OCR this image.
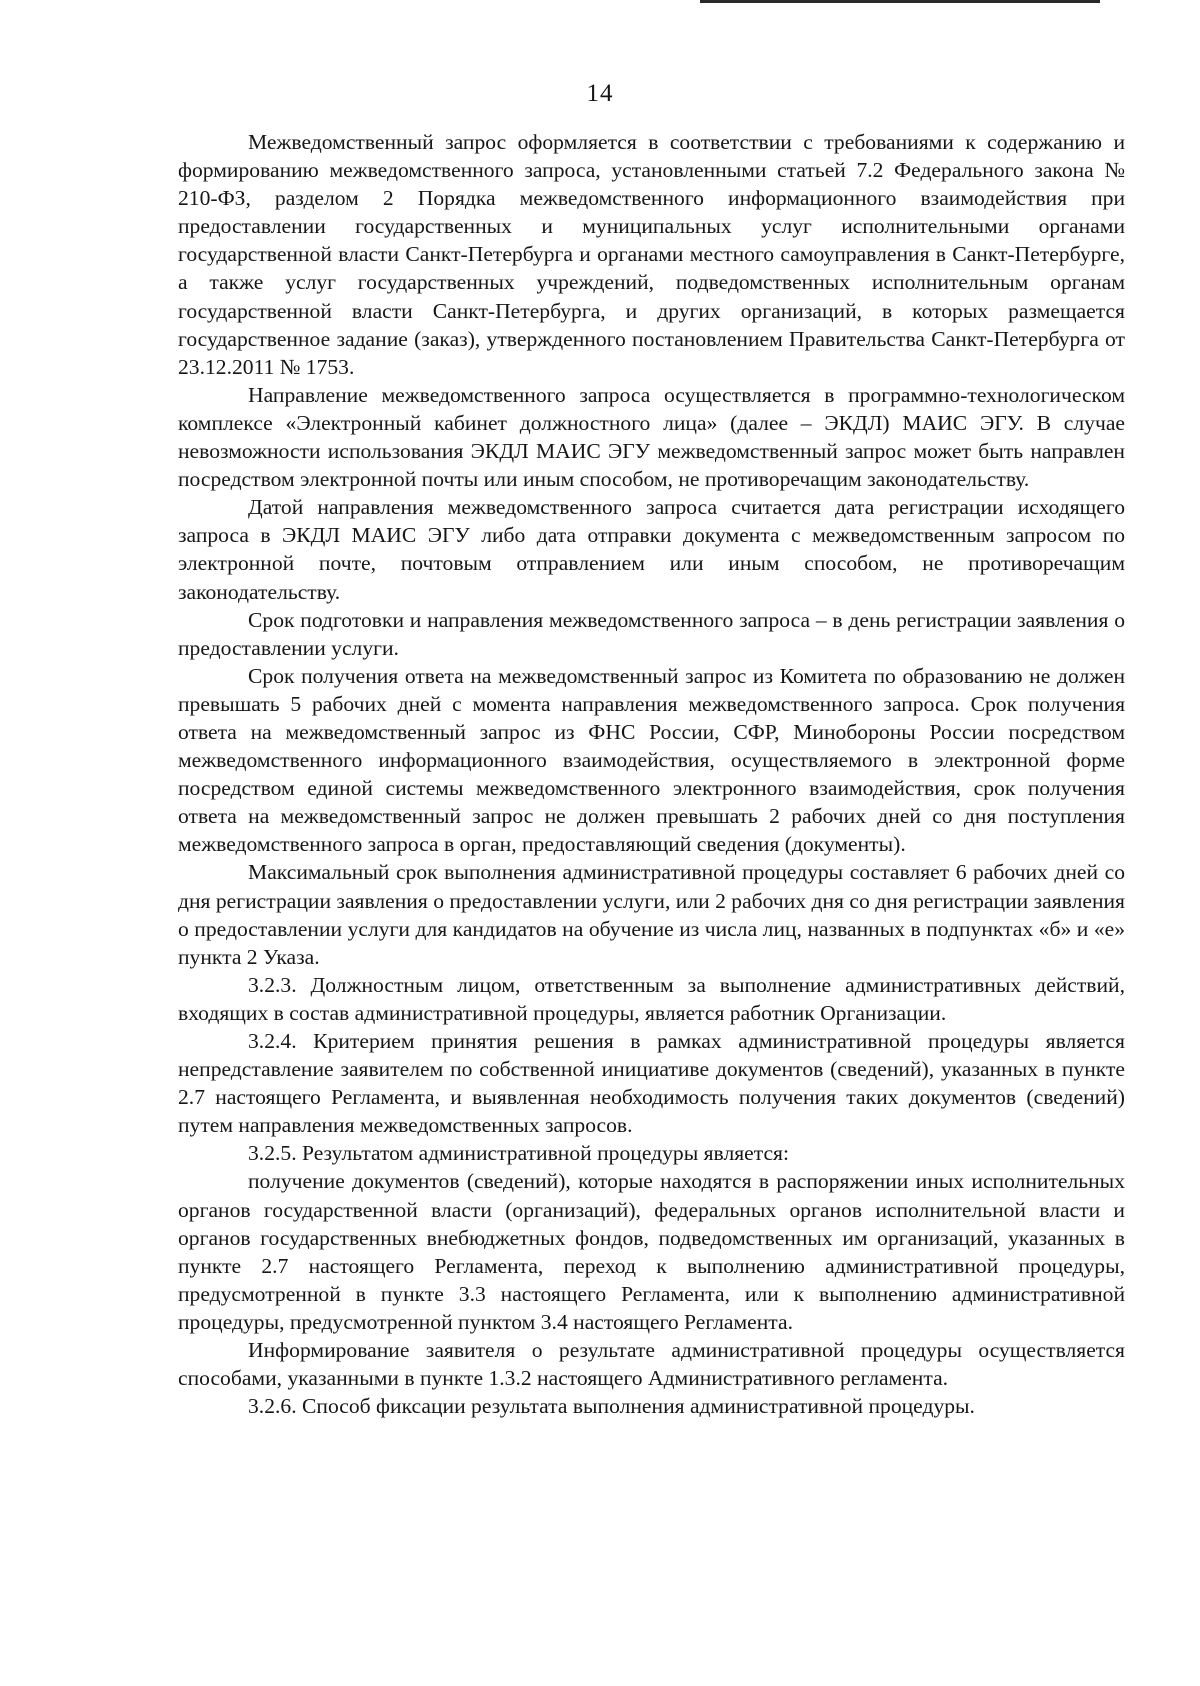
14

Межведомственный запрос оформляется в соответствии с требованиями к содержанию и формированию межведомственного запроса, установленными статьей 7.2 Федерального закона № 210-ФЗ, разделом 2 Порядка межведомственного информационного взаимодействия при предоставлении государственных и муниципальных услуг исполнительными органами государственной власти Санкт-Петербурга и органами местного самоуправления в Санкт-Петербурге, а также услуг государственных учреждений, подведомственных исполнительным органам государственной власти Санкт-Петербурга, и других организаций, в которых размещается государственное задание (заказ), утвержденного постановлением Правительства Санкт-Петербурга от 23.12.2011 № 1753.

Направление межведомственного запроса осуществляется в программно-технологическом комплексе «Электронный кабинет должностного лица» (далее – ЭКДЛ) МАИС ЭГУ. В случае невозможности использования ЭКДЛ МАИС ЭГУ межведомственный запрос может быть направлен посредством электронной почты или иным способом, не противоречащим законодательству.

Датой направления межведомственного запроса считается дата регистрации исходящего запроса в ЭКДЛ МАИС ЭГУ либо дата отправки документа с межведомственным запросом по электронной почте, почтовым отправлением или иным способом, не противоречащим законодательству.

Срок подготовки и направления межведомственного запроса – в день регистрации заявления о предоставлении услуги.

Срок получения ответа на межведомственный запрос из Комитета по образованию не должен превышать 5 рабочих дней с момента направления межведомственного запроса. Срок получения ответа на межведомственный запрос из ФНС России, СФР, Минобороны России посредством межведомственного информационного взаимодействия, осуществляемого в электронной форме посредством единой системы межведомственного электронного взаимодействия, срок получения ответа на межведомственный запрос не должен превышать 2 рабочих дней со дня поступления межведомственного запроса в орган, предоставляющий сведения (документы).

Максимальный срок выполнения административной процедуры составляет 6 рабочих дней со дня регистрации заявления о предоставлении услуги, или 2 рабочих дня со дня регистрации заявления о предоставлении услуги для кандидатов на обучение из числа лиц, названных в подпунктах «б» и «е» пункта 2 Указа.

3.2.3. Должностным лицом, ответственным за выполнение административных действий, входящих в состав административной процедуры, является работник Организации.

3.2.4. Критерием принятия решения в рамках административной процедуры является непредставление заявителем по собственной инициативе документов (сведений), указанных в пункте 2.7 настоящего Регламента, и выявленная необходимость получения таких документов (сведений) путем направления межведомственных запросов.

3.2.5. Результатом административной процедуры является:

получение документов (сведений), которые находятся в распоряжении иных исполнительных органов государственной власти (организаций), федеральных органов исполнительной власти и органов государственных внебюджетных фондов, подведомственных им организаций, указанных в пункте 2.7 настоящего Регламента, переход к выполнению административной процедуры, предусмотренной в пункте 3.3 настоящего Регламента, или к выполнению административной процедуры, предусмотренной пунктом 3.4 настоящего Регламента.

Информирование заявителя о результате административной процедуры осуществляется способами, указанными в пункте 1.3.2 настоящего Административного регламента.

3.2.6. Способ фиксации результата выполнения административной процедуры.
